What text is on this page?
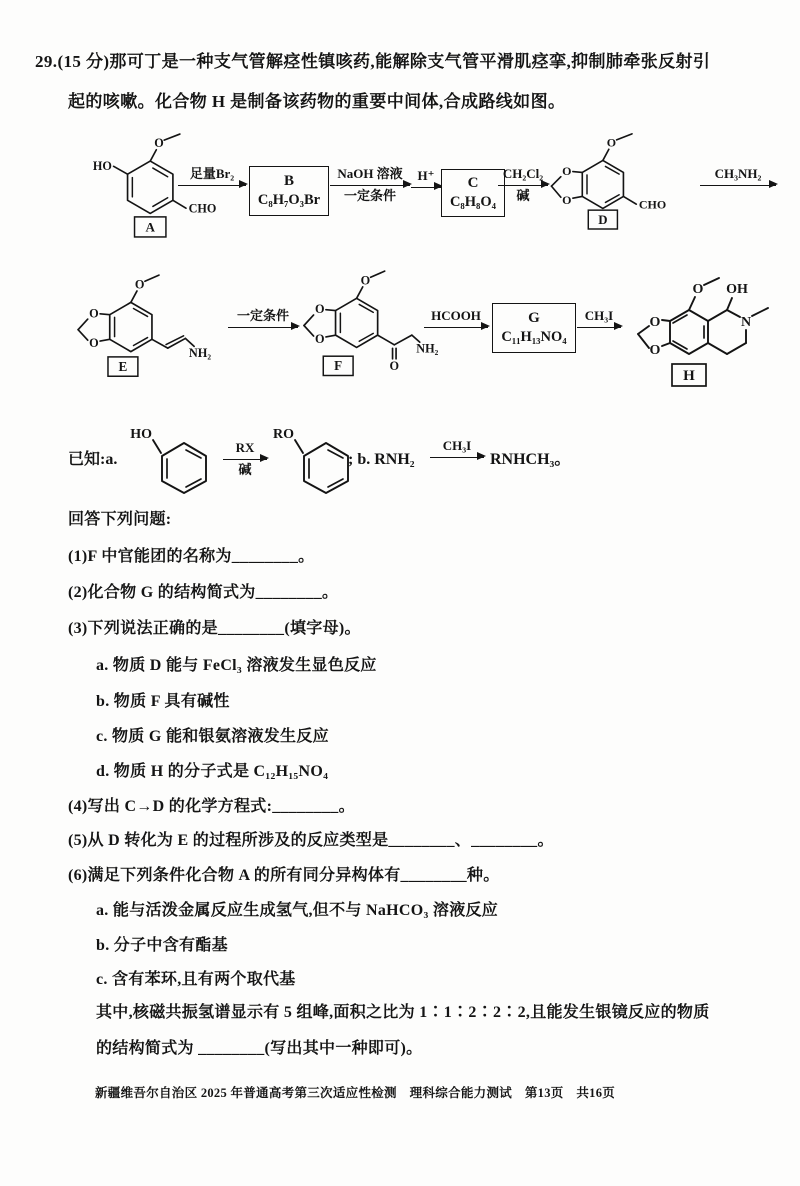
29.(15 分)那可丁是一种支气管解痉性镇咳药,能解除支气管平滑肌痉挛,抑制肺牵张反射引
起的咳嗽。化合物 H 是制备该药物的重要中间体,合成路线如图。
HO
O
CHO
A
足量Br₂	B
C₈H₇O₃Br
NaOH 溶液
一定条件
H⁺ C
C₈H₈O₄
CH₂Cl₂
碱
O
O
O
CHO
D
CH₃NH₂
O
O
O
NH₂
E
一定条件 O
O
O
O
NH₂
F
HCOOH	G
C₁₁H₁₃NO₄
CH₃I	O
O
O OH
N
H
已知:a.
HO
RX
碱
RO
; b. RNH₂
CH₃I
RNHCH₃。
回答下列问题:
(1)F 中官能团的名称为________。
(2)化合物 G 的结构简式为________。
(3)下列说法正确的是________(填字母)。
a. 物质 D 能与 FeCl₃ 溶液发生显色反应
b. 物质 F 具有碱性
c. 物质 G 能和银氨溶液发生反应
d. 物质 H 的分子式是 C₁₂H₁₅NO₄
(4)写出 C→D 的化学方程式:________。
(5)从 D 转化为 E 的过程所涉及的反应类型是________、________。
(6)满足下列条件化合物 A 的所有同分异构体有________种。
a. 能与活泼金属反应生成氢气,但不与 NaHCO₃ 溶液反应
b. 分子中含有酯基
c. 含有苯环,且有两个取代基
其中,核磁共振氢谱显示有 5 组峰,面积之比为 1∶1∶2∶2∶2,且能发生银镜反应的物质
的结构简式为 ________(写出其中一种即可)。
新疆维吾尔自治区 2025 年普通高考第三次适应性检测　理科综合能力测试　第13页　共16页
